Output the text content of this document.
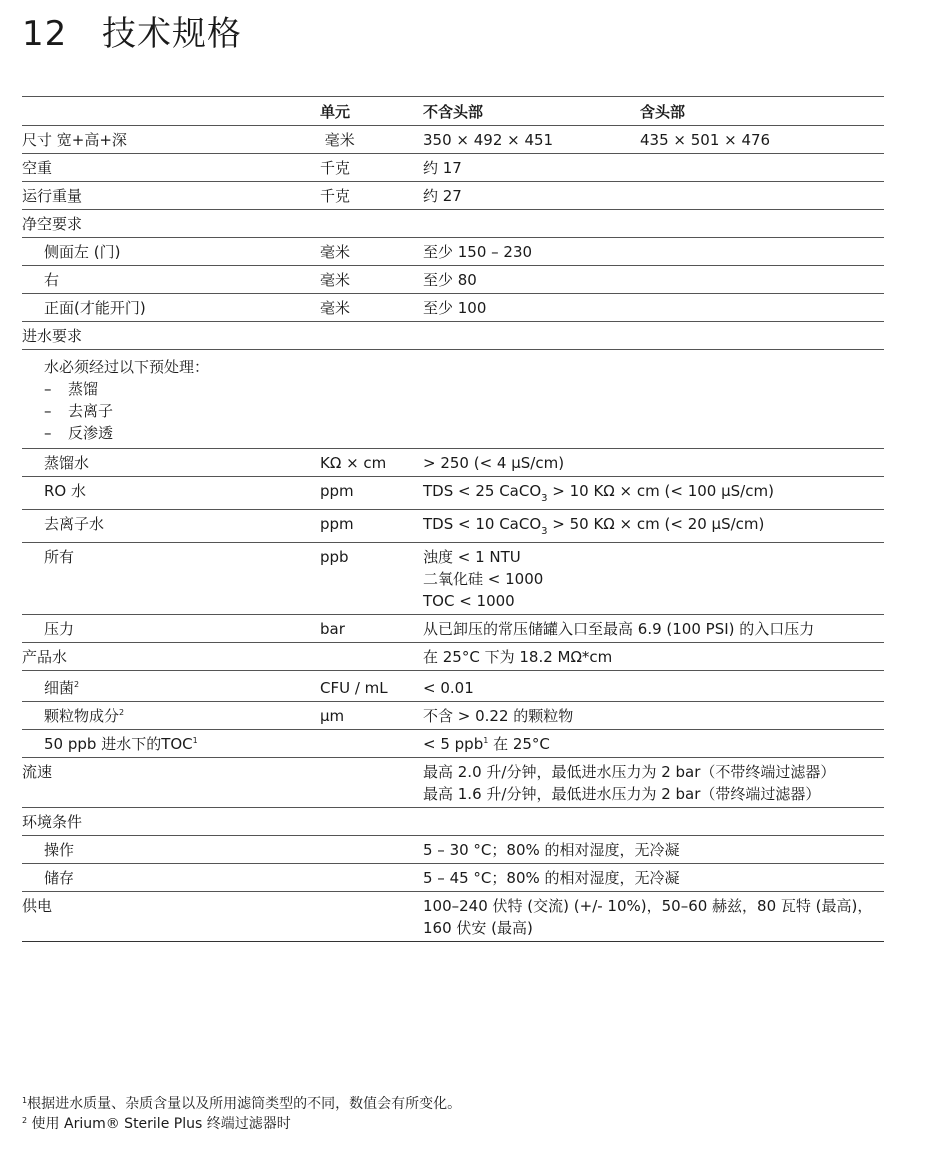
12 技术规格
	单元	不含头部	含头部
尺寸 宽+高+深	毫米	350 × 492 × 451	435 × 501 × 476
空重	千克	约 17	
运行重量	千克	约 27	
净空要求			
侧面左 (门)	毫米	至少 150 – 230	
右	毫米	至少 80	
正面(才能开门)	毫米	至少 100	
进水要求			

水必须经过以下预处理：
– 蒸馏
– 去离子
– 反渗透			

蒸馏水	KΩ × cm	> 250 (< 4 µS/cm)	
RO 水	ppm	TDS < 25 CaCO$_3$ > 10 KΩ × cm (< 100 µS/cm)	
去离子水	ppm	TDS < 10 CaCO$_3$ > 50 KΩ × cm (< 20 µS/cm)	
所有	ppb	浊度 < 1 NTU
二氧化硅 < 1000
TOC < 1000	

压力	bar	从已卸压的常压储罐入口至最高 6.9 (100 PSI) 的入口压力	
产品水		在 25°C 下为 18.2 MΩ*cm	
细菌$^2$	CFU / mL	< 0.01	
颗粒物成分$^2$	µm	不含 > 0.22 的颗粒物	
50 ppb 进水下的TOC$^1$		< 5 ppb$^1$ 在 25°C	
流速		最高 2.0 升/分钟，最低进水压力为 2 bar（不带终端过滤器）
最高 1.6 升/分钟，最低进水压力为 2 bar（带终端过滤器）	

环境条件			
操作		5 – 30 °C；80% 的相对湿度，无冷凝	
储存		5 – 45 °C；80% 的相对湿度，无冷凝	
供电		100–240 伏特 (交流) (+/- 10%)，50–60 赫兹，80 瓦特 (最高)，
160 伏安 (最高)	
$^1$根据进水质量、杂质含量以及所用滤筒类型的不同，数值会有所变化。
$^2$ 使用 Arium® Sterile Plus 终端过滤器时
